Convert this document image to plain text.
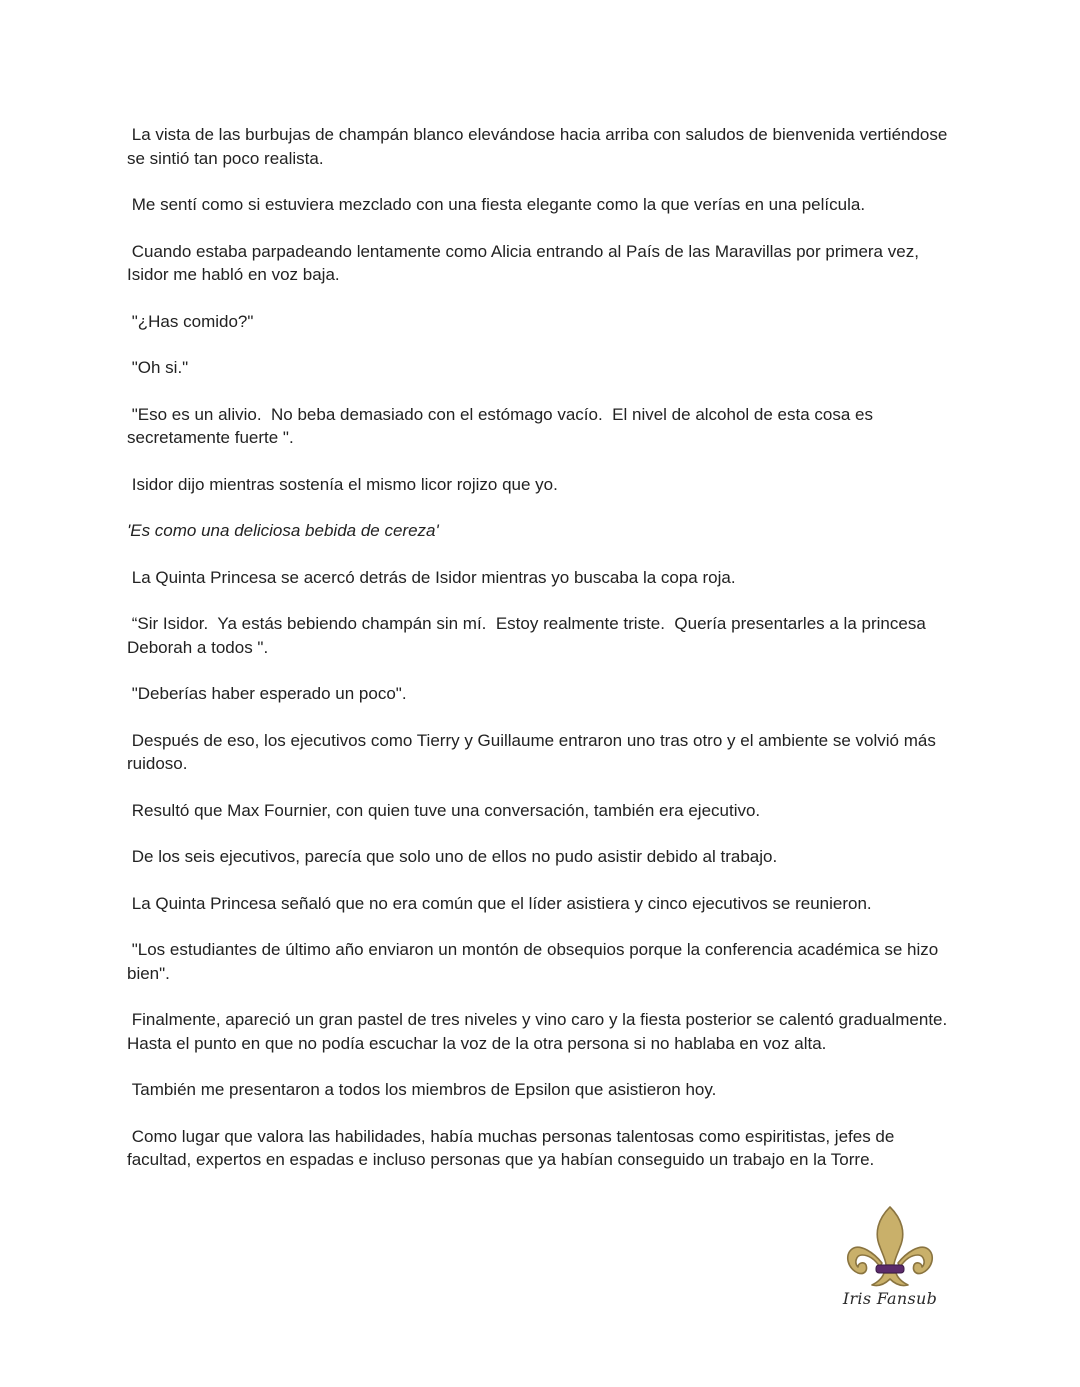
La vista de las burbujas de champán blanco elevándose hacia arriba con saludos de bienvenida vertiéndose se sintió tan poco realista.

Me sentí como si estuviera mezclado con una fiesta elegante como la que verías en una película.

Cuando estaba parpadeando lentamente como Alicia entrando al País de las Maravillas por primera vez, Isidor me habló en voz baja.

"¿Has comido?"

"Oh si."

"Eso es un alivio.  No beba demasiado con el estómago vacío.  El nivel de alcohol de esta cosa es secretamente fuerte ".

Isidor dijo mientras sostenía el mismo licor rojizo que yo.

'Es como una deliciosa bebida de cereza'

La Quinta Princesa se acercó detrás de Isidor mientras yo buscaba la copa roja.

“Sir Isidor.  Ya estás bebiendo champán sin mí.  Estoy realmente triste.  Quería presentarles a la princesa Deborah a todos ".

"Deberías haber esperado un poco".

Después de eso, los ejecutivos como Tierry y Guillaume entraron uno tras otro y el ambiente se volvió más ruidoso.

Resultó que Max Fournier, con quien tuve una conversación, también era ejecutivo.

De los seis ejecutivos, parecía que solo uno de ellos no pudo asistir debido al trabajo.

La Quinta Princesa señaló que no era común que el líder asistiera y cinco ejecutivos se reunieron.

"Los estudiantes de último año enviaron un montón de obsequios porque la conferencia académica se hizo bien".

Finalmente, apareció un gran pastel de tres niveles y vino caro y la fiesta posterior se calentó gradualmente.  Hasta el punto en que no podía escuchar la voz de la otra persona si no hablaba en voz alta.

También me presentaron a todos los miembros de Epsilon que asistieron hoy.

Como lugar que valora las habilidades, había muchas personas talentosas como espiritistas, jefes de facultad, expertos en espadas e incluso personas que ya habían conseguido un trabajo en la Torre.

Iris Fansub
